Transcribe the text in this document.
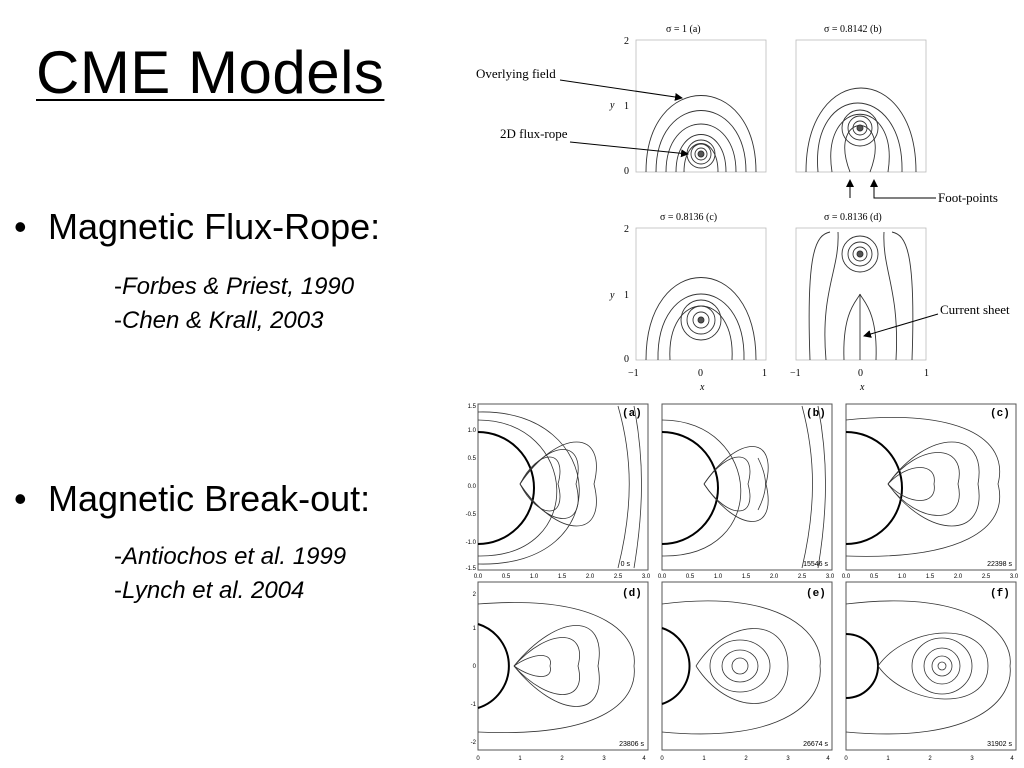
CME Models
• Magnetic Flux-Rope:
-Forbes & Priest, 1990
-Chen & Krall, 2003
• Magnetic Break-out:
-Antiochos et al. 1999
-Lynch et al. 2004
σ = 1 (a)	σ = 0.8142 (b)
σ = 0.8136 (c)	σ = 0.8136 (d)
2
1
0
y
2
1
0
y
−1	0	1 −1	0	1
x	x
Overlying field
2D flux-rope
Foot-points
Current sheet
(a)	(b)	(c)
(d)	(e)	(f)
0 s	15546 s	22398 s
23806 s	26674 s	31902 s
1.5
1.0
0.5
0.0
-0.5
-1.0
-1.5
0.0	0.5	1.0	1.5	2.0	2.5	3.0 0.0	0.5	1.0	1.5	2.0	2.5	3.0 0.0	0.5	1.0	1.5	2.0	2.5	3.0
2
1
0
-1
-2
0	1	2	3	4 0	1	2	3	4 0	1	2	3	4
